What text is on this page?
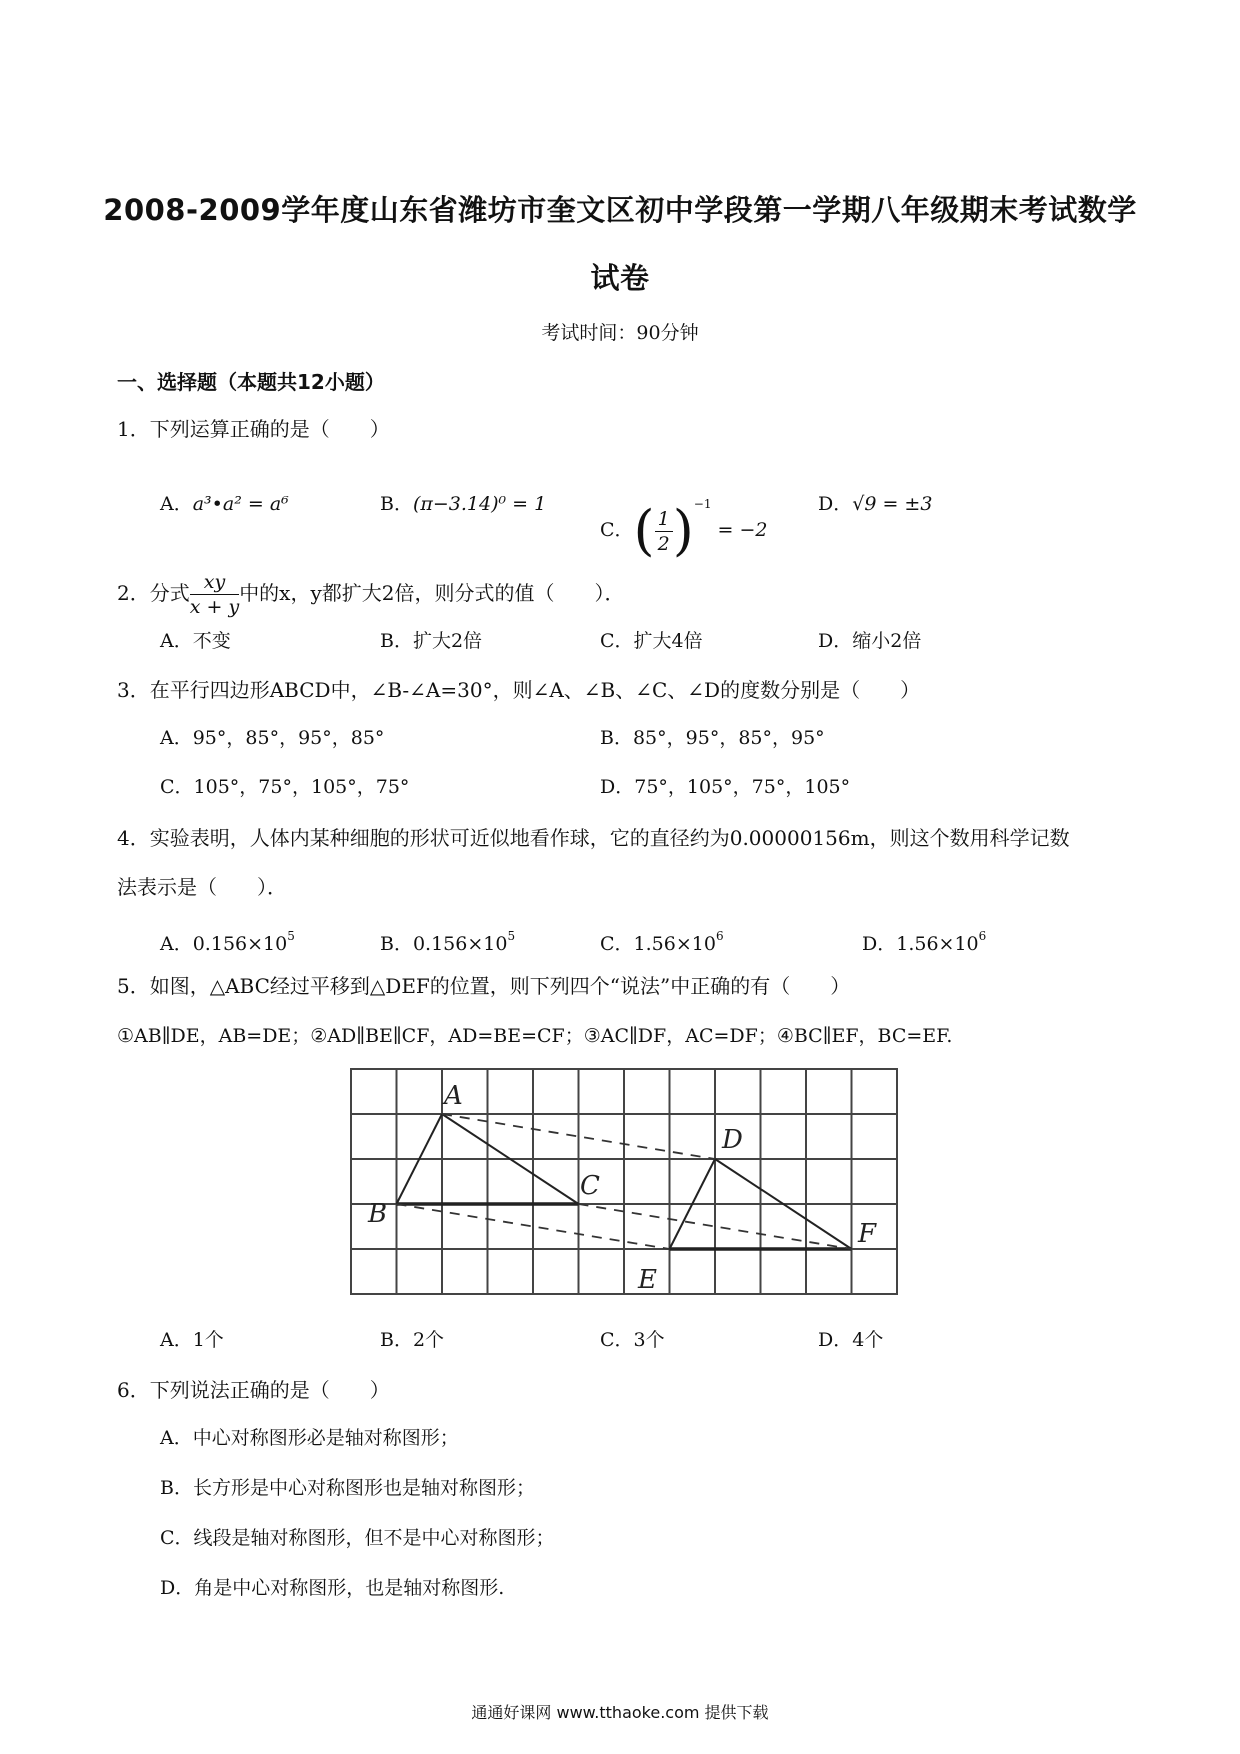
2008-2009学年度山东省潍坊市奎文区初中学段第一学期八年级期末考试数学
试卷
考试时间：90分钟
一、选择题（本题共12小题）
1．下列运算正确的是（　　）
A．a³•a² = a⁶	B．(π−3.14)⁰ = 1
C．( $\frac{1}{2} )^{-1} = -2$
D．√9 = ±3
2．分式 $\frac{xy}{x + y}$ 中的x，y都扩大2倍，则分式的值（　　）．
A．不变	B．扩大2倍	C．扩大4倍	D．缩小2倍
3．在平行四边形ABCD中，∠B-∠A=30°，则∠A、∠B、∠C、∠D的度数分别是（　　）
A．95°，85°，95°，85°	B．85°，95°，85°，95°
C．105°，75°，105°，75°	D．75°，105°，75°，105°
4．实验表明，人体内某种细胞的形状可近似地看作球，它的直径约为0.00000156m，则这个数用科学记数
法表示是（　　）．
A．$0.156\times 10^5$	B．$0.156\times 10^5$	C．$1.56\times 10^6$	D．$1.56\times 10^6$
5．如图，△ABC经过平移到△DEF的位置，则下列四个“说法”中正确的有（　　）
①AB∥DE，AB=DE；②AD∥BE∥CF，AD=BE=CF；③AC∥DF，AC=DF；④BC∥EF，BC=EF.
A
B
C
D
E
F
A．1个	B．2个	C．3个	D．4个
6．下列说法正确的是（　　）
A．中心对称图形必是轴对称图形；
B．长方形是中心对称图形也是轴对称图形；
C．线段是轴对称图形，但不是中心对称图形；
D．角是中心对称图形，也是轴对称图形.
通通好课网 www.tthaoke.com 提供下载
